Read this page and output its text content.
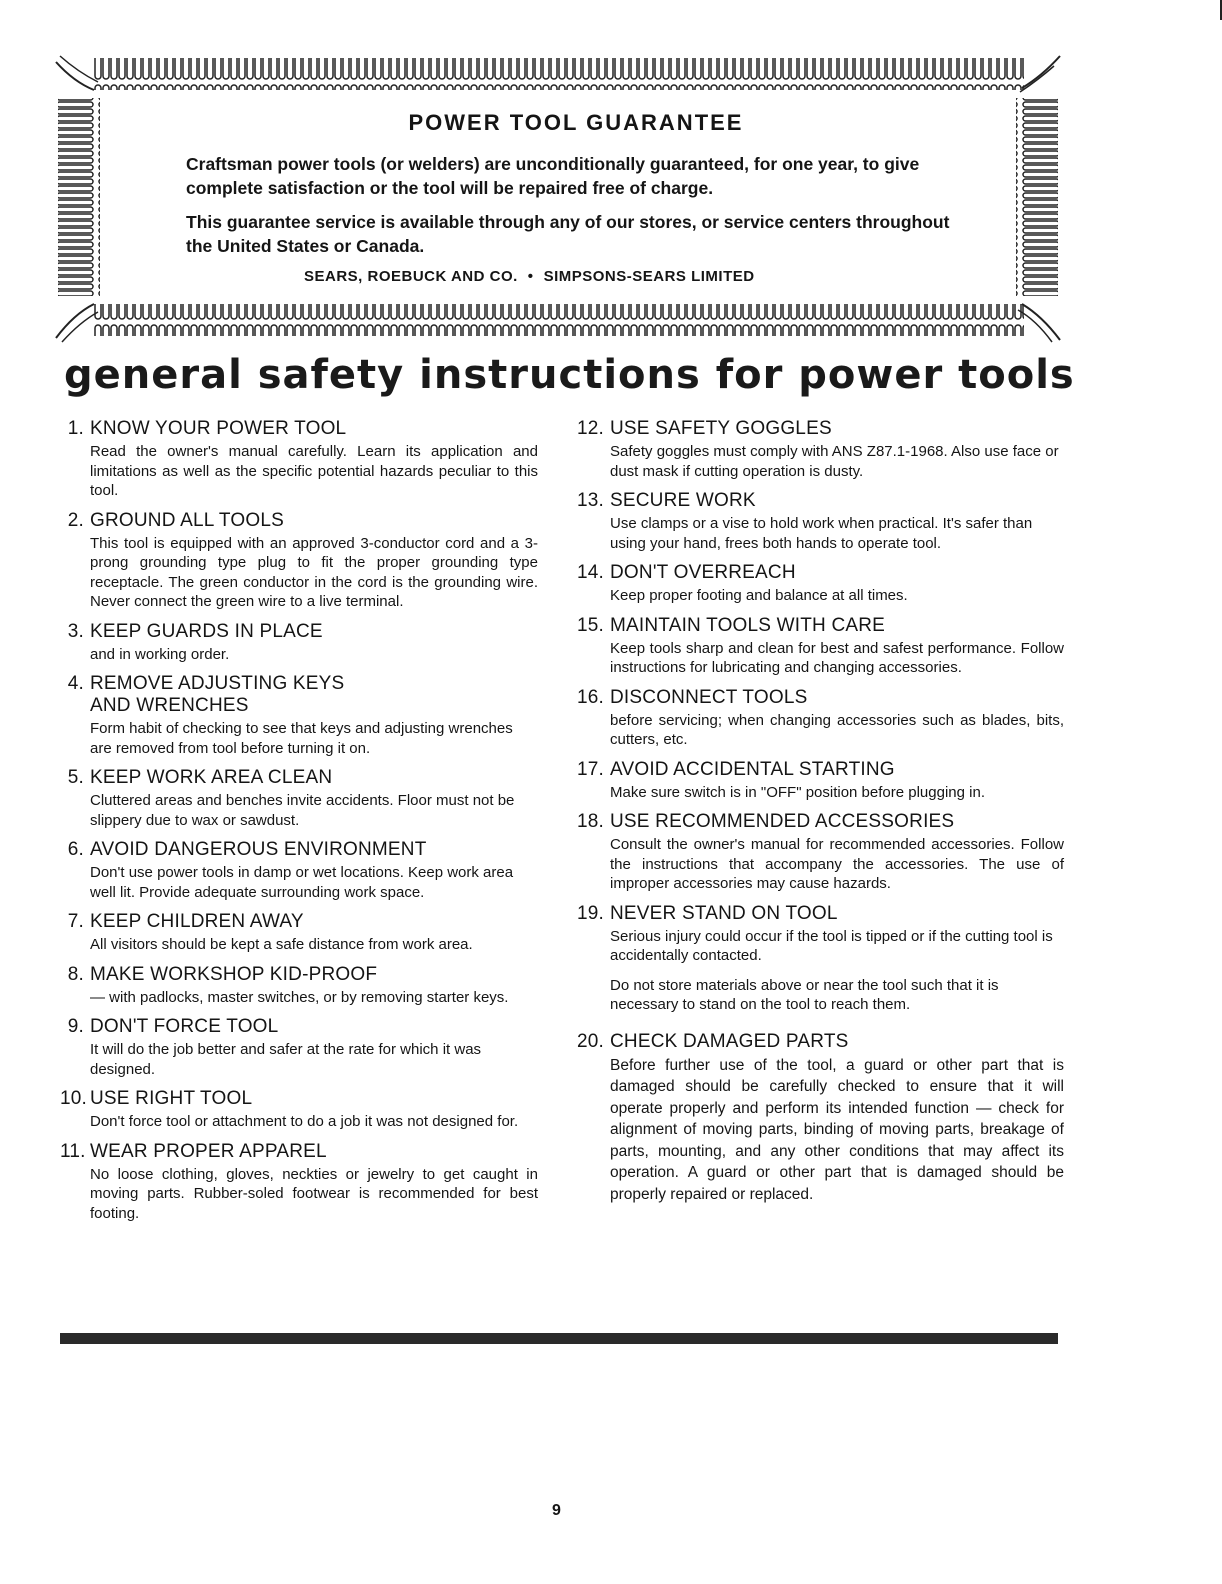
POWER TOOL GUARANTEE

Craftsman power tools (or welders) are unconditionally guaranteed, for one year, to give complete satisfaction or the tool will be repaired free of charge.

This guarantee service is available through any of our stores, or service centers throughout the United States or Canada.

SEARS, ROEBUCK AND CO. • SIMPSONS-SEARS LIMITED
general safety instructions for power tools
1. KNOW YOUR POWER TOOL

Read the owner's manual carefully. Learn its application and limitations as well as the specific potential hazards peculiar to this tool.

2. GROUND ALL TOOLS

This tool is equipped with an approved 3-conductor cord and a 3-prong grounding type plug to fit the proper grounding type receptacle. The green conductor in the cord is the grounding wire. Never connect the green wire to a live terminal.

3. KEEP GUARDS IN PLACE

and in working order.

4. REMOVE ADJUSTING KEYS AND WRENCHES

Form habit of checking to see that keys and adjusting wrenches are removed from tool before turning it on.

5. KEEP WORK AREA CLEAN

Cluttered areas and benches invite accidents. Floor must not be slippery due to wax or sawdust.

6. AVOID DANGEROUS ENVIRONMENT

Don't use power tools in damp or wet locations. Keep work area well lit. Provide adequate surrounding work space.

7. KEEP CHILDREN AWAY

All visitors should be kept a safe distance from work area.

8. MAKE WORKSHOP KID-PROOF

— with padlocks, master switches, or by removing starter keys.

9. DON'T FORCE TOOL

It will do the job better and safer at the rate for which it was designed.

10. USE RIGHT TOOL

Don't force tool or attachment to do a job it was not designed for.

11. WEAR PROPER APPAREL

No loose clothing, gloves, neckties or jewelry to get caught in moving parts. Rubber-soled footwear is recommended for best footing.

12. USE SAFETY GOGGLES

Safety goggles must comply with ANS Z87.1-1968. Also use face or dust mask if cutting operation is dusty.

13. SECURE WORK

Use clamps or a vise to hold work when practical. It's safer than using your hand, frees both hands to operate tool.

14. DON'T OVERREACH

Keep proper footing and balance at all times.

15. MAINTAIN TOOLS WITH CARE

Keep tools sharp and clean for best and safest performance. Follow instructions for lubricating and changing accessories.

16. DISCONNECT TOOLS

before servicing; when changing accessories such as blades, bits, cutters, etc.

17. AVOID ACCIDENTAL STARTING

Make sure switch is in "OFF" position before plugging in.

18. USE RECOMMENDED ACCESSORIES

Consult the owner's manual for recommended accessories. Follow the instructions that accompany the accessories. The use of improper accessories may cause hazards.

19. NEVER STAND ON TOOL

Serious injury could occur if the tool is tipped or if the cutting tool is accidentally contacted.

Do not store materials above or near the tool such that it is necessary to stand on the tool to reach them.

20. CHECK DAMAGED PARTS

Before further use of the tool, a guard or other part that is damaged should be carefully checked to ensure that it will operate properly and perform its intended function — check for alignment of moving parts, binding of moving parts, breakage of parts, mounting, and any other conditions that may affect its operation. A guard or other part that is damaged should be properly repaired or replaced.

9
